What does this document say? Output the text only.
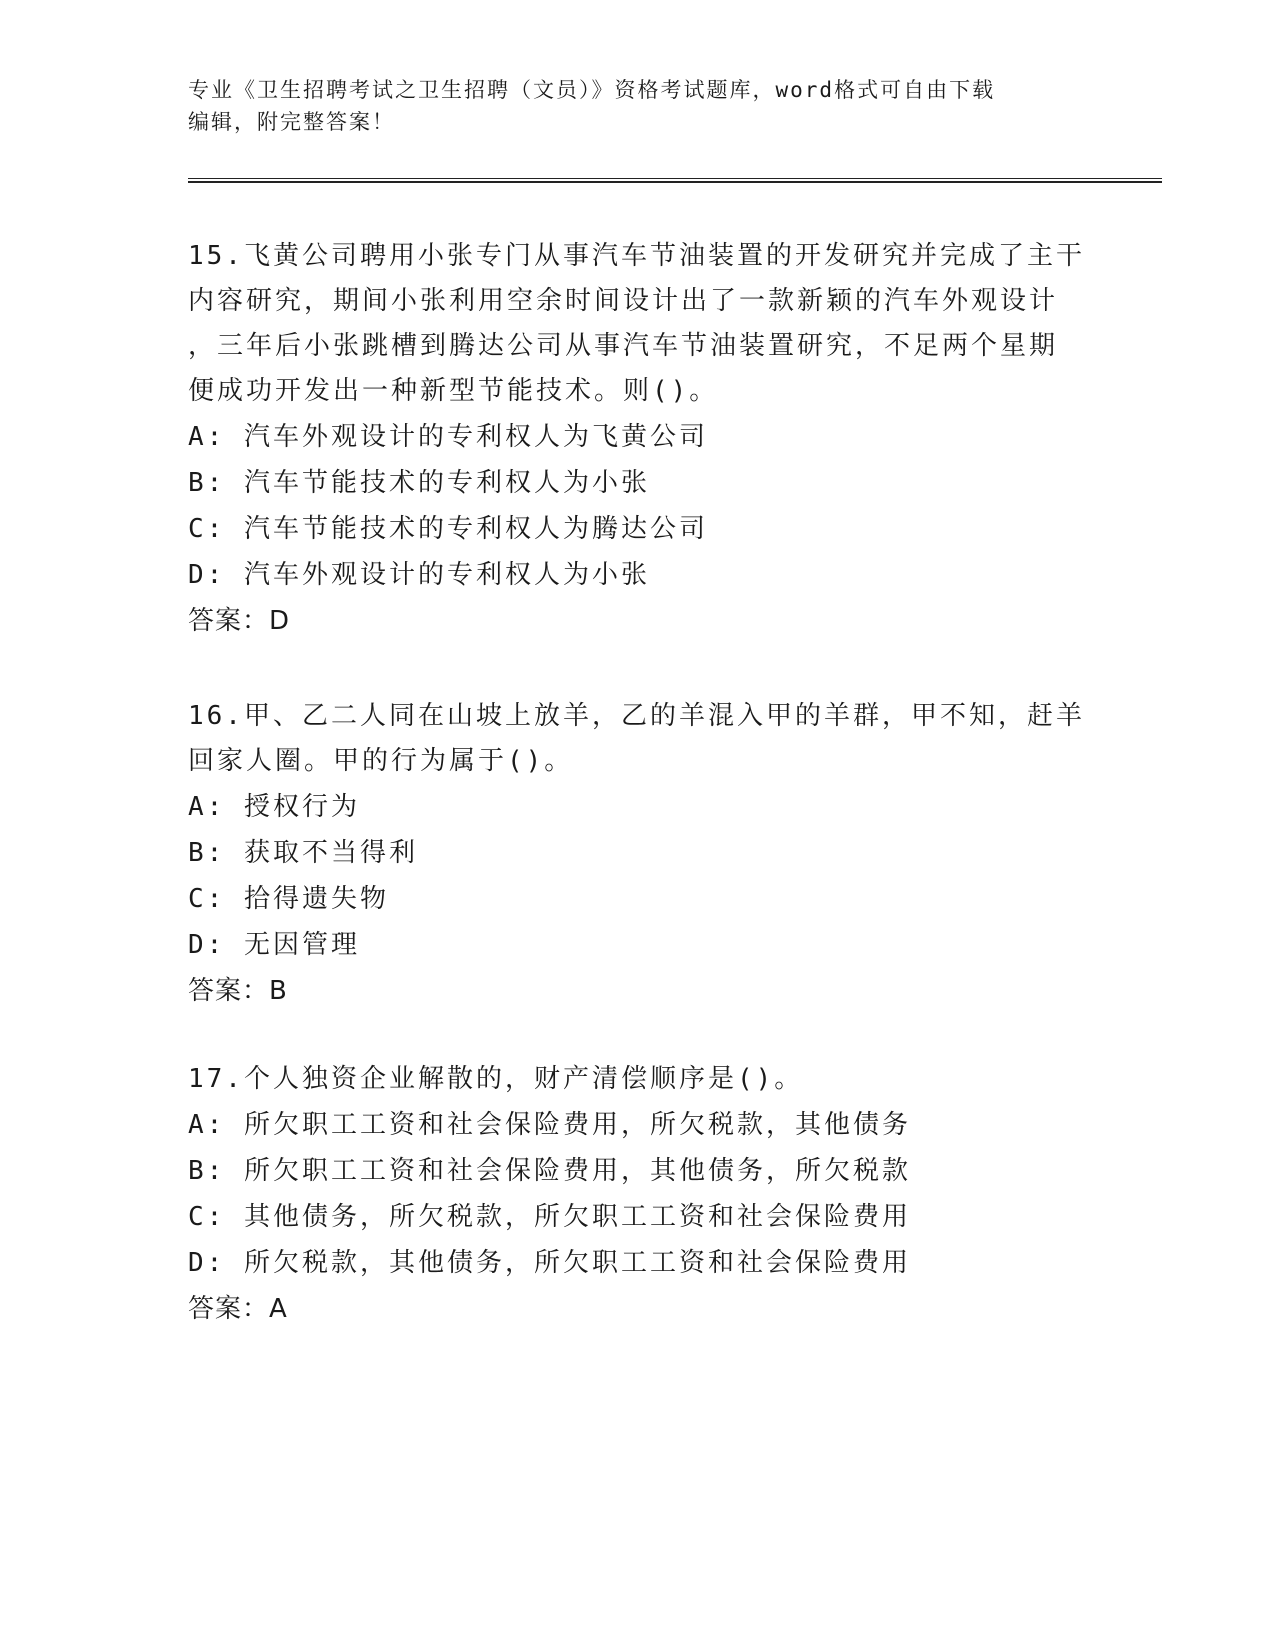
专业《卫生招聘考试之卫生招聘（文员）》资格考试题库，word格式可自由下载
编辑，附完整答案！

15.飞黄公司聘用小张专门从事汽车节油装置的开发研究并完成了主干

内容研究，期间小张利用空余时间设计出了一款新颖的汽车外观设计

，三年后小张跳槽到腾达公司从事汽车节油装置研究，不足两个星期

便成功开发出一种新型节能技术。则()。

A: 汽车外观设计的专利权人为飞黄公司

B: 汽车节能技术的专利权人为小张

C: 汽车节能技术的专利权人为腾达公司

D: 汽车外观设计的专利权人为小张

答案：D

16.甲、乙二人同在山坡上放羊，乙的羊混入甲的羊群，甲不知，赶羊

回家人圈。甲的行为属于()。

A: 授权行为

B: 获取不当得利

C: 拾得遗失物

D: 无因管理

答案：B

17.个人独资企业解散的，财产清偿顺序是()。

A: 所欠职工工资和社会保险费用，所欠税款，其他债务

B: 所欠职工工资和社会保险费用，其他债务，所欠税款

C: 其他债务，所欠税款，所欠职工工资和社会保险费用

D: 所欠税款，其他债务，所欠职工工资和社会保险费用

答案：A
